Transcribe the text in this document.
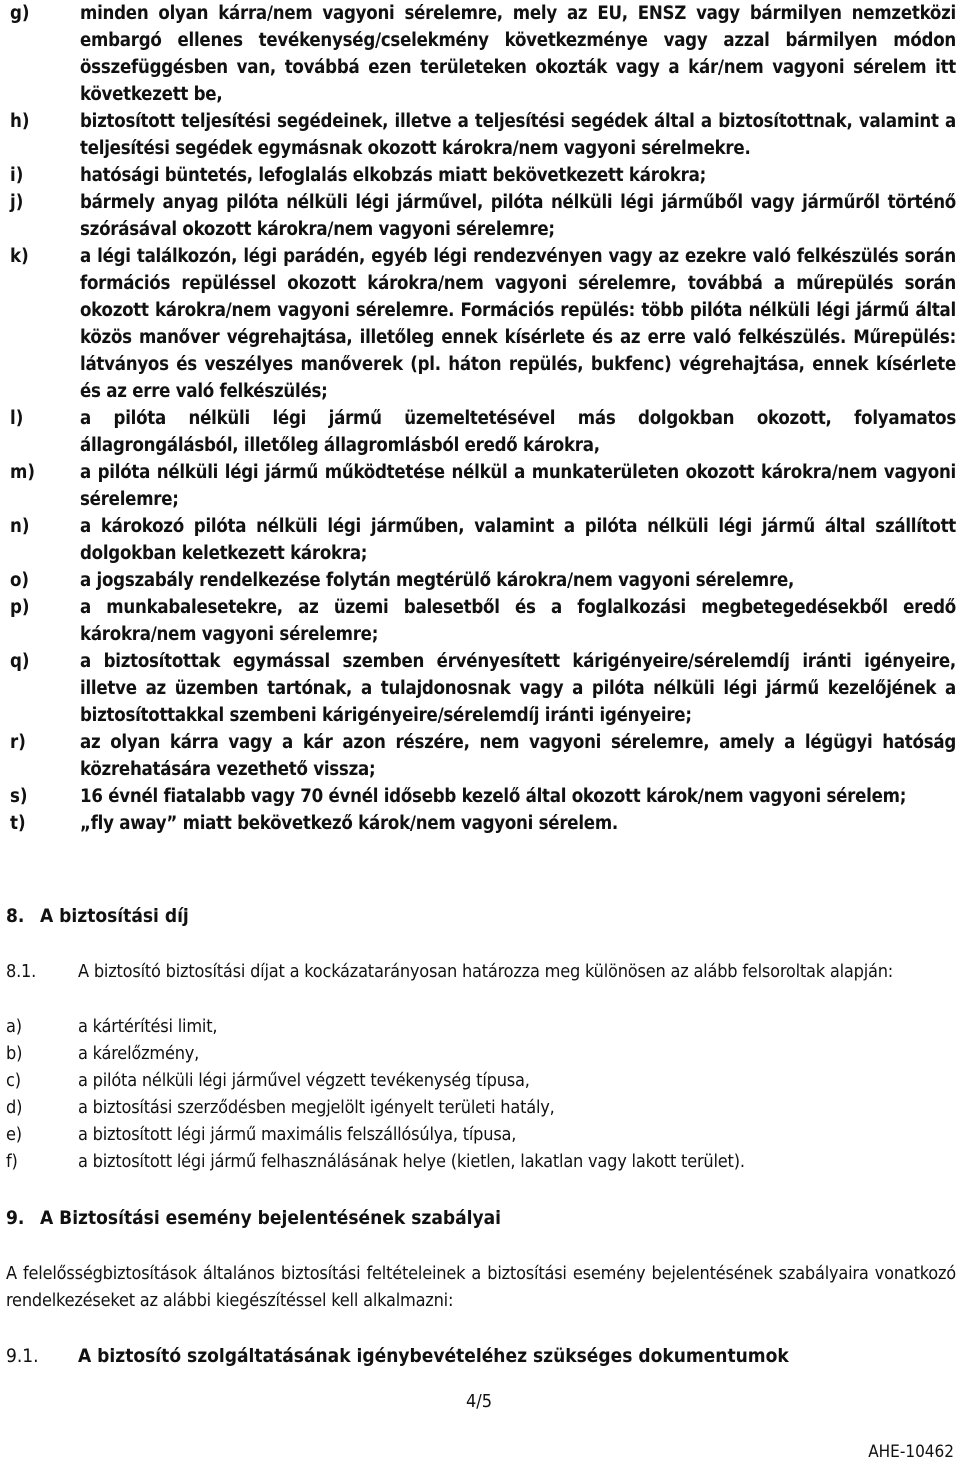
g)	minden olyan kárra/nem vagyoni sérelemre, mely az EU, ENSZ vagy bármilyen nemzetközi embargó ellenes tevékenység/cselekmény következménye vagy azzal bármilyen módon összefüggésben van, továbbá ezen területeken okozták vagy a kár/nem vagyoni sérelem itt következett be,
h)	biztosított teljesítési segédeinek, illetve a teljesítési segédek által a biztosítottnak, valamint a teljesítési segédek egymásnak okozott károkra/nem vagyoni sérelmekre.
i)	hatósági büntetés, lefoglalás elkobzás miatt bekövetkezett károkra;
j)	bármely anyag pilóta nélküli légi járművel, pilóta nélküli légi járműből vagy járműről történő szórásával okozott károkra/nem vagyoni sérelemre;
k)	a légi találkozón, légi parádén, egyéb légi rendezvényen vagy az ezekre való felkészülés során formációs repüléssel okozott károkra/nem vagyoni sérelemre, továbbá a műrepülés során okozott károkra/nem vagyoni sérelemre. Formációs repülés: több pilóta nélküli légi jármű által közös manőver végrehajtása, illetőleg ennek kísérlete és az erre való felkészülés. Műrepülés: látványos és veszélyes manőverek (pl. háton repülés, bukfenc) végrehajtása, ennek kísérlete és az erre való felkészülés;
l)	a pilóta nélküli légi jármű üzemeltetésével más dolgokban okozott, folyamatos állagrongálásból, illetőleg állagromlásból eredő károkra,
m)	a pilóta nélküli légi jármű működtetése nélkül a munkaterületen okozott károkra/nem vagyoni sérelemre;
n)	a károkozó pilóta nélküli légi járműben, valamint a pilóta nélküli légi jármű által szállított dolgokban keletkezett károkra;
o)	a jogszabály rendelkezése folytán megtérülő károkra/nem vagyoni sérelemre,
p)	a munkabalesetekre, az üzemi balesetből és a foglalkozási megbetegedésekből eredő károkra/nem vagyoni sérelemre;
q)	a biztosítottak egymással szemben érvényesített kárigényeire/sérelemdíj iránti igényeire, illetve az üzemben tartónak, a tulajdonosnak vagy a pilóta nélküli légi jármű kezelőjének a biztosítottakkal szembeni kárigényeire/sérelemdíj iránti igényeire;
r)	az olyan kárra vagy a kár azon részére, nem vagyoni sérelemre, amely a légügyi hatóság közrehatására vezethető vissza;
s)	16 évnél fiatalabb vagy 70 évnél idősebb kezelő által okozott károk/nem vagyoni sérelem;
t)	„fly away” miatt bekövetkező károk/nem vagyoni sérelem.
8. A biztosítási díj
8.1. A biztosító biztosítási díjat a kockázatarányosan határozza meg különösen az alább felsoroltak alapján:
a)	a kártérítési limit,
b)	a kárelőzmény,
c)	a pilóta nélküli légi járművel végzett tevékenység típusa,
d)	a biztosítási szerződésben megjelölt igényelt területi hatály,
e)	a biztosított légi jármű maximális felszállósúlya, típusa,
f)	a biztosított légi jármű felhasználásának helye (kietlen, lakatlan vagy lakott terület).
9. A Biztosítási esemény bejelentésének szabályai
A felelősségbiztosítások általános biztosítási feltételeinek a biztosítási esemény bejelentésének szabályaira vonatkozó rendelkezéseket az alábbi kiegészítéssel kell alkalmazni:
9.1. A biztosító szolgáltatásának igénybevételéhez szükséges dokumentumok
4/5
AHE-10462
